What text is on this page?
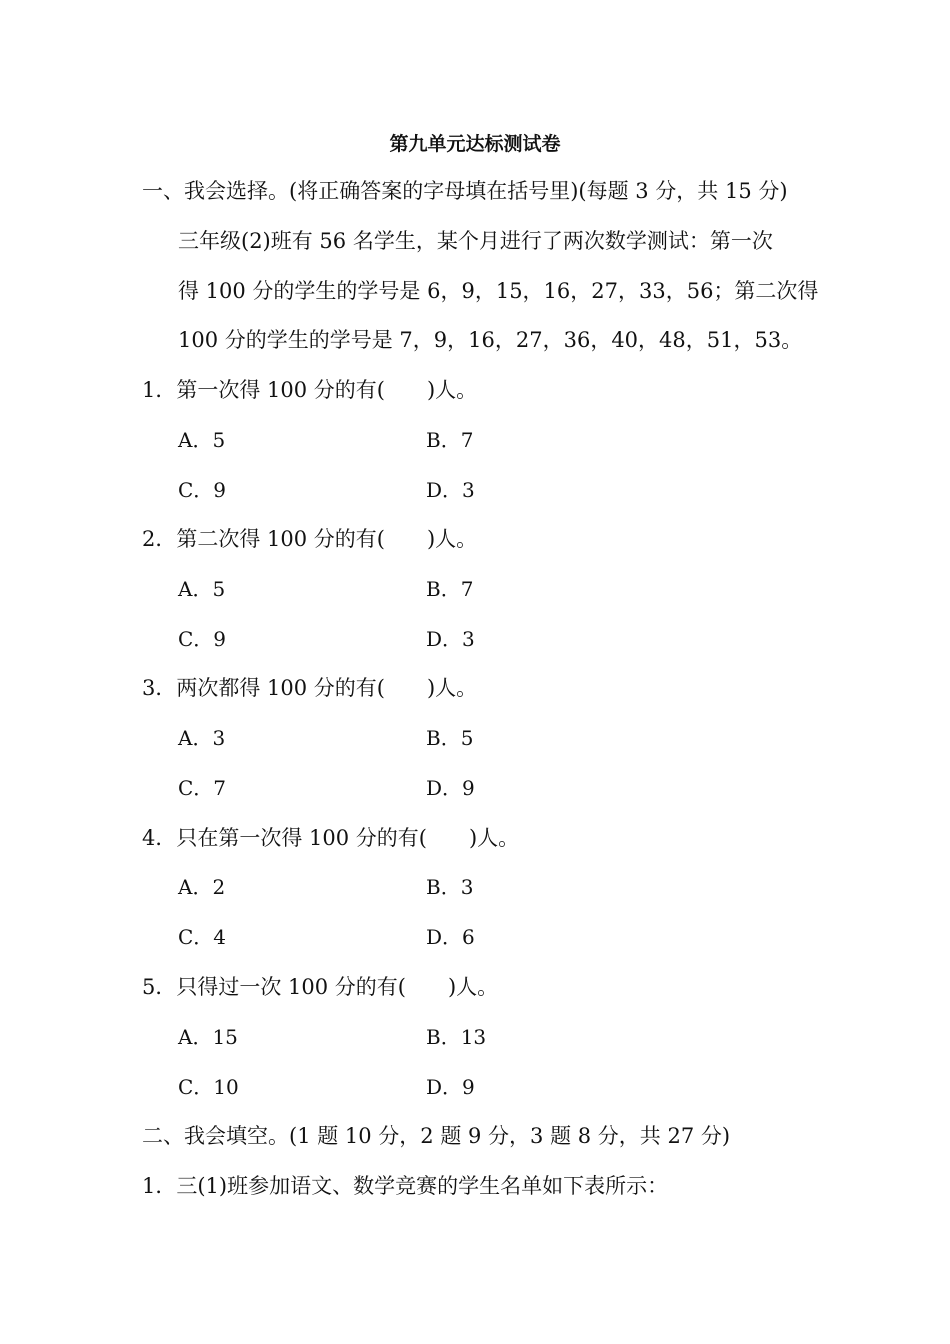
第九单元达标测试卷
一、我会选择。(将正确答案的字母填在括号里)(每题 3 分，共 15 分)
三年级(2)班有 56 名学生，某个月进行了两次数学测试：第一次
得 100 分的学生的学号是 6，9，15，16，27，33，56；第二次得
100 分的学生的学号是 7，9，16，27，36，40，48，51，53。
1．第一次得 100 分的有(　　)人。
A．5	B．7
C．9	D．3
2．第二次得 100 分的有(　　)人。
A．5	B．7
C．9	D．3
3．两次都得 100 分的有(　　)人。
A．3	B．5
C．7	D．9
4．只在第一次得 100 分的有(　　)人。
A．2	B．3
C．4	D．6
5．只得过一次 100 分的有(　　)人。
A．15	B．13
C．10	D．9
二、我会填空。(1 题 10 分，2 题 9 分，3 题 8 分，共 27 分)
1．三(1)班参加语文、数学竞赛的学生名单如下表所示：
